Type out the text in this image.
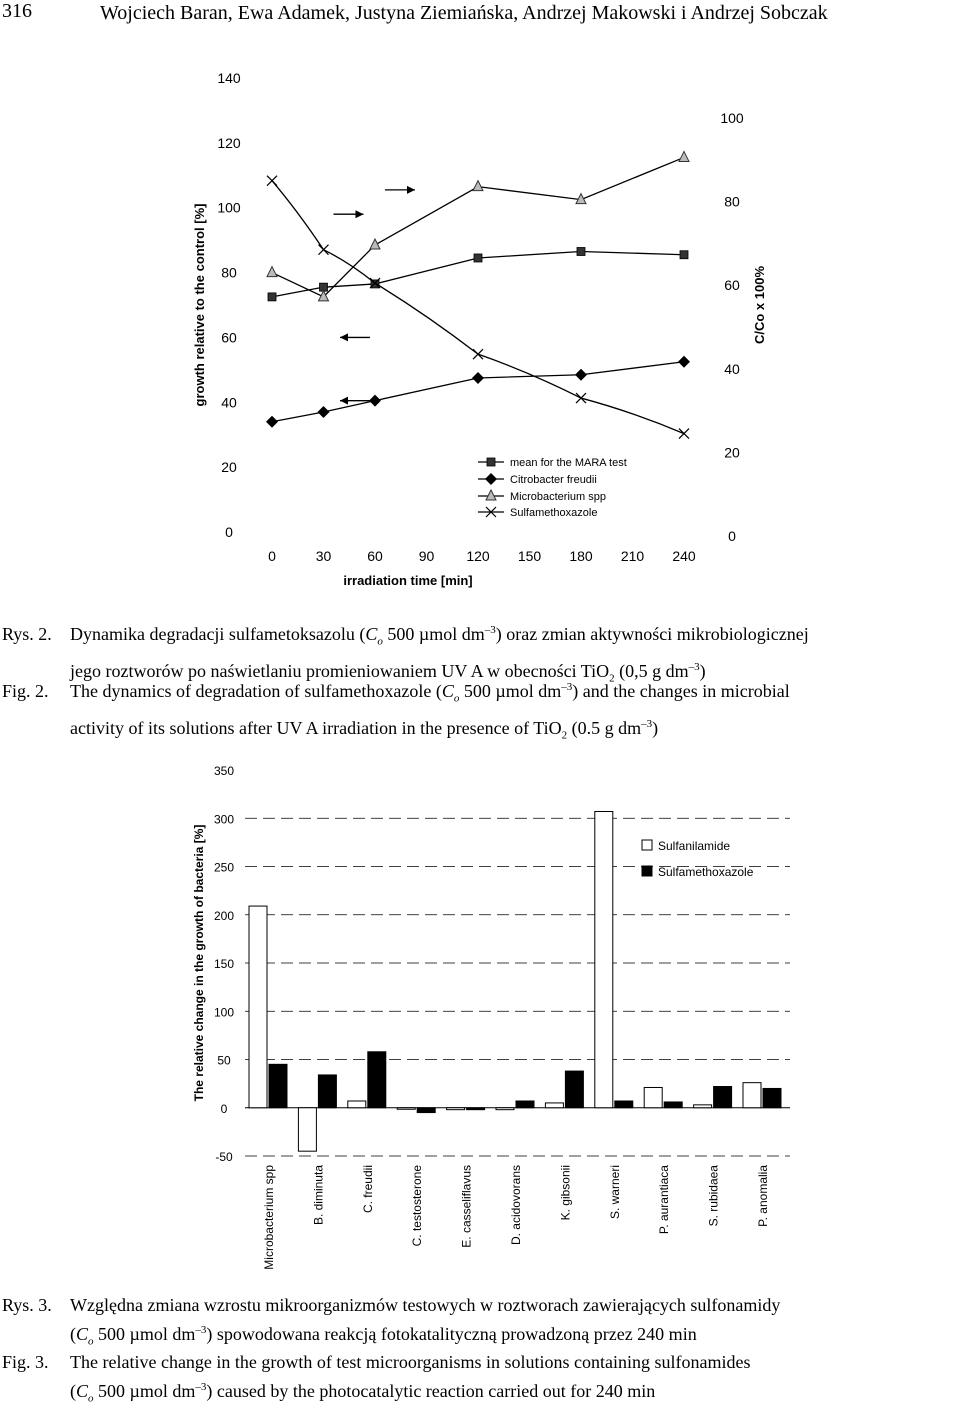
316	Wojciech Baran, Ewa Adamek, Justyna Ziemiańska, Andrzej Makowski i Andrzej Sobczak
0
20
40
60
80
100
120
140
0
20
40
60
80
100
0	30	60	90 120 150 180 210 240
irradiation time [min]
growth relative to the control [%]	C/Co x 100%
mean for the MARA test
Citrobacter freudii
Microbacterium spp
Sulfamethoxazole
Rys. 2. Dynamika degradacji sulfametoksazolu ($C_o$ 500 µmol $dm^{-3}$) oraz zmian aktywności mikrobiologicznej
jego roztworów po naświetlaniu promieniowaniem UV A w obecności TiO$_2$ (0,5 g $dm^{-3}$)
Fig. 2. The dynamics of degradation of sulfamethoxazole ($C_o$ 500 µmol $dm^{-3}$) and the changes in microbial
activity of its solutions after UV A irradiation in the presence of TiO$_2$ (0.5 g $dm^{-3}$)
-50
0
50
100
150
200
250
300
350
The relative change in the growth of bacteria [%]
Microbacterium spp	B. diminuta	C. freudii	C. testosterone	E. casseliflavus	D. acidovorans	K. gibsonii	S. warneri	P. aurantiaca	S. rubidaea	P. anomalia
Sulfanilamide
Sulfamethoxazole
Rys. 3. Względna zmiana wzrostu mikroorganizmów testowych w roztworach zawierających sulfonamidy
($C_o$ 500 µmol $dm^{-3}$) spowodowana reakcją fotokatalityczną prowadzoną przez 240 min
Fig. 3. The relative change in the growth of test microorganisms in solutions containing sulfonamides
($C_o$ 500 µmol $dm^{-3}$) caused by the photocatalytic reaction carried out for 240 min
